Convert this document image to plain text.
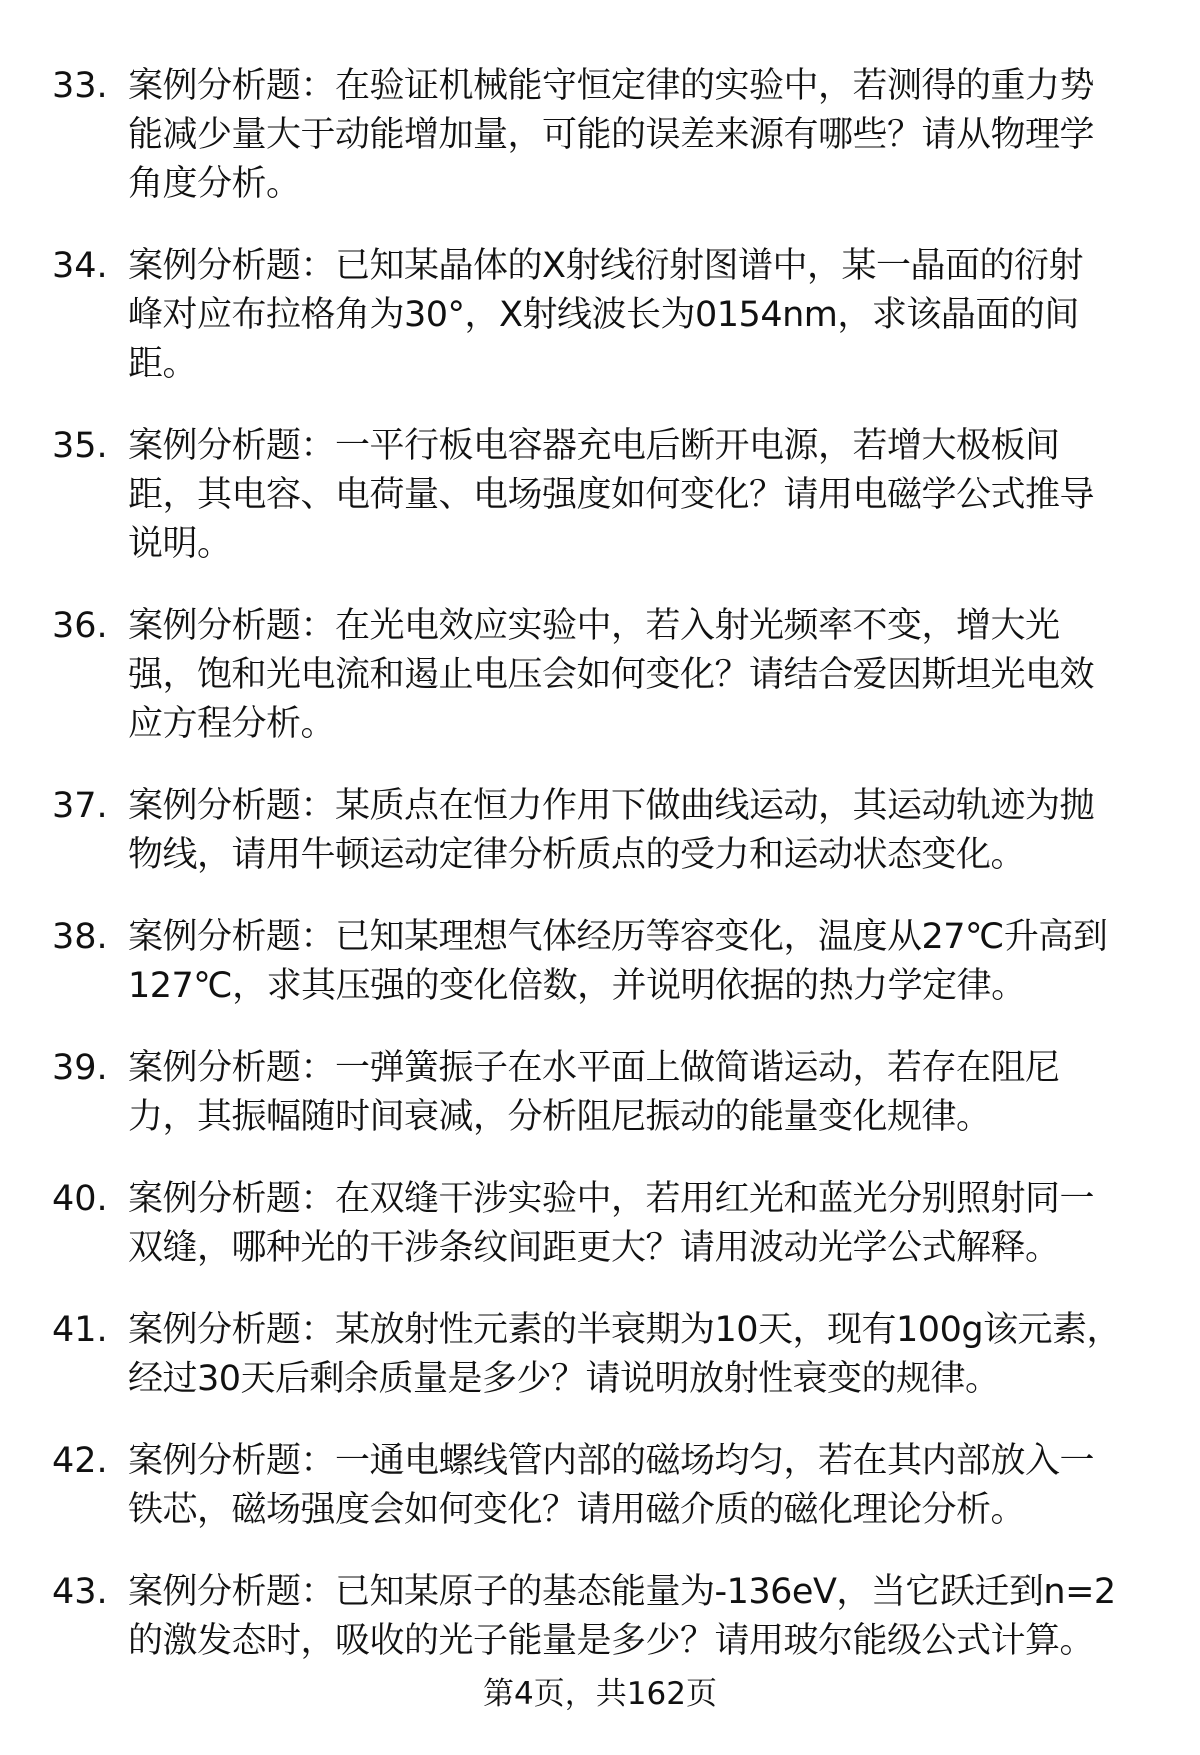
33. 案例分析题：在验证机械能守恒定律的实验中，若测得的重力势
能减少量大于动能增加量，可能的误差来源有哪些？请从物理学
角度分析。
34. 案例分析题：已知某晶体的X射线衍射图谱中，某一晶面的衍射
峰对应布拉格角为30°，X射线波长为0154nm，求该晶面的间
距。
35. 案例分析题：一平行板电容器充电后断开电源，若增大极板间
距，其电容、电荷量、电场强度如何变化？请用电磁学公式推导
说明。
36. 案例分析题：在光电效应实验中，若入射光频率不变，增大光
强，饱和光电流和遏止电压会如何变化？请结合爱因斯坦光电效
应方程分析。
37. 案例分析题：某质点在恒力作用下做曲线运动，其运动轨迹为抛
物线，请用牛顿运动定律分析质点的受力和运动状态变化。
38. 案例分析题：已知某理想气体经历等容变化，温度从27℃升高到
127℃，求其压强的变化倍数，并说明依据的热力学定律。
39. 案例分析题：一弹簧振子在水平面上做简谐运动，若存在阻尼
力，其振幅随时间衰减，分析阻尼振动的能量变化规律。
40. 案例分析题：在双缝干涉实验中，若用红光和蓝光分别照射同一
双缝，哪种光的干涉条纹间距更大？请用波动光学公式解释。
41. 案例分析题：某放射性元素的半衰期为10天，现有100g该元素，
经过30天后剩余质量是多少？请说明放射性衰变的规律。
42. 案例分析题：一通电螺线管内部的磁场均匀，若在其内部放入一
铁芯，磁场强度会如何变化？请用磁介质的磁化理论分析。
43. 案例分析题：已知某原子的基态能量为-136eV，当它跃迁到n=2
的激发态时，吸收的光子能量是多少？请用玻尔能级公式计算。
第4页，共162页
